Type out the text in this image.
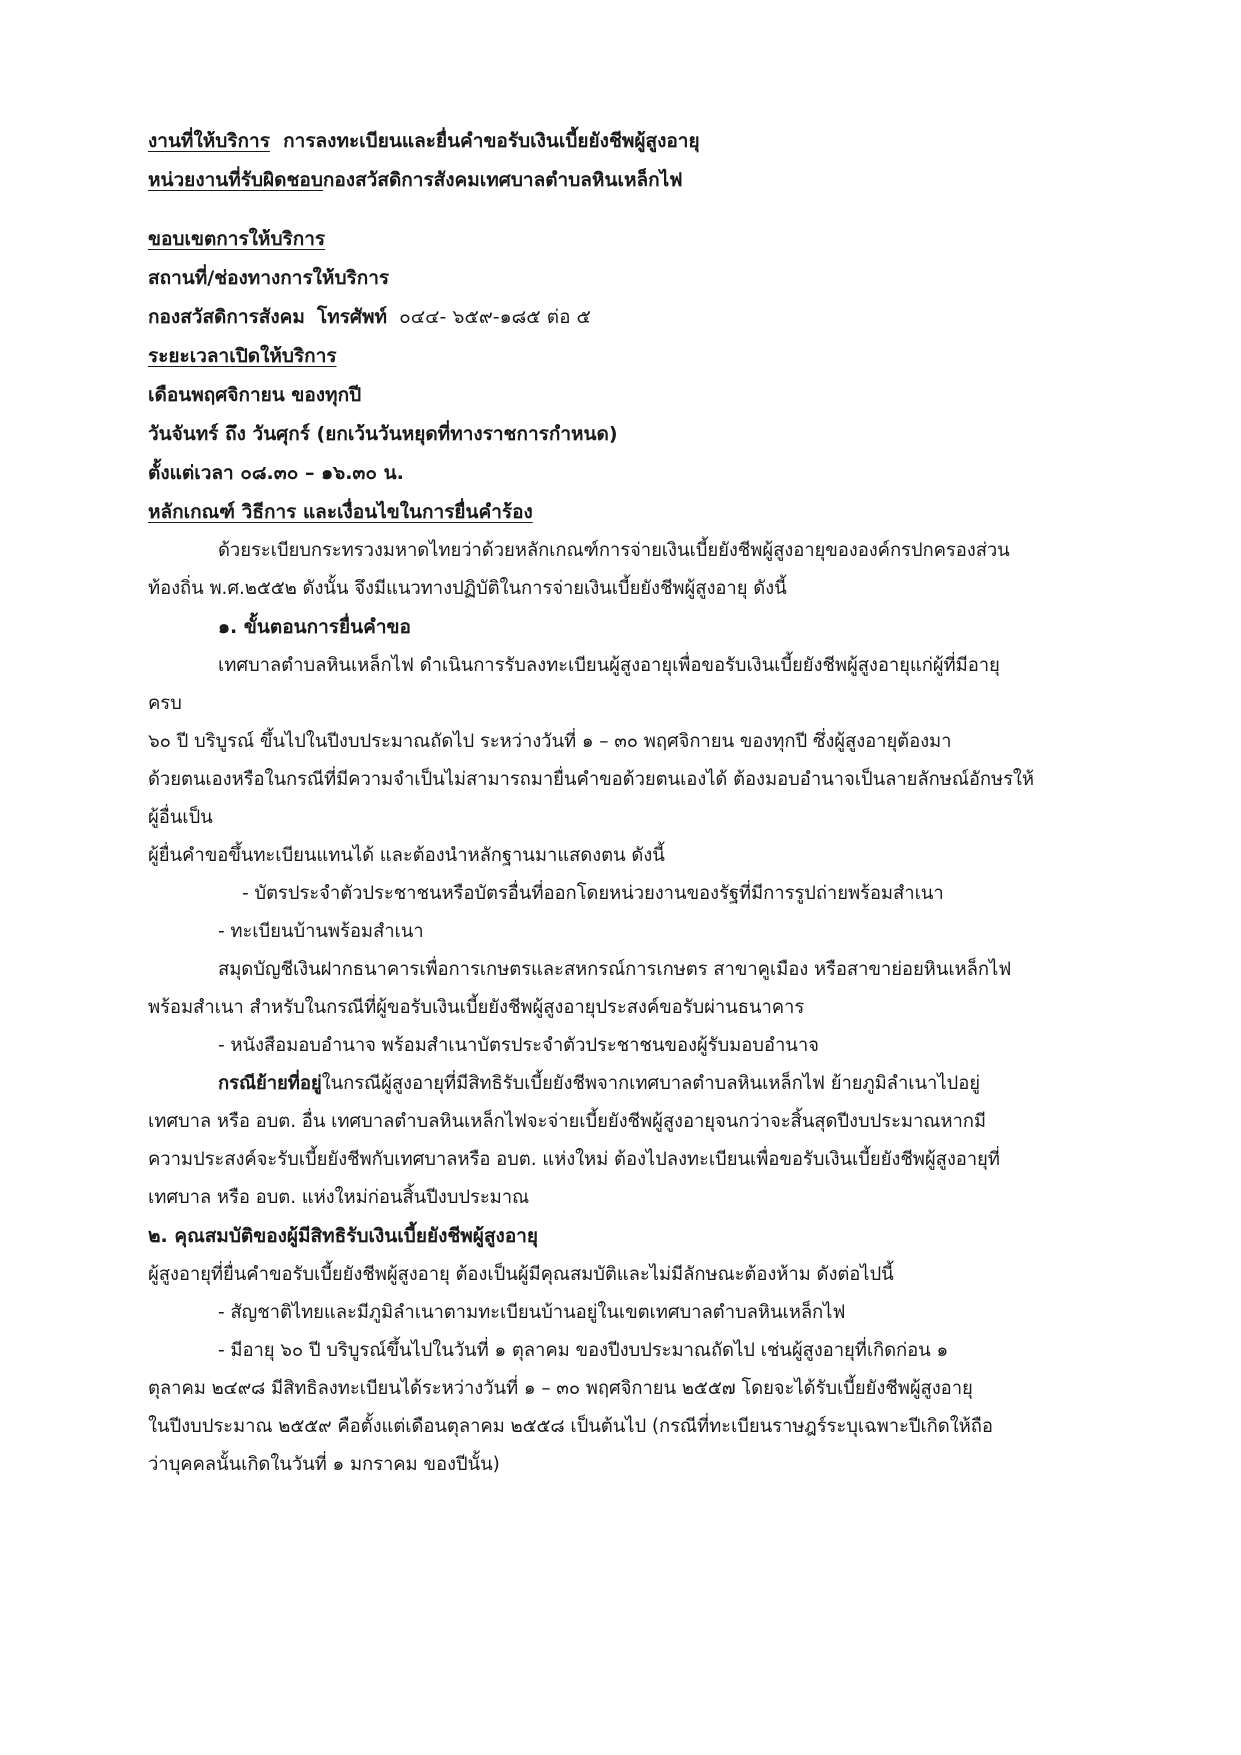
งานที่ให้บริการ การลงทะเบียนและยื่นคำขอรับเงินเบี้ยยังชีพผู้สูงอายุ
หน่วยงานที่รับผิดชอบกองสวัสดิการสังคมเทศบาลตำบลหินเหล็กไฟ
ขอบเขตการให้บริการ
สถานที่/ช่องทางการให้บริการ
กองสวัสดิการสังคม โทรศัพท์ ๐๔๔- ๖๕๙-๑๘๕ ต่อ ๕
ระยะเวลาเปิดให้บริการ
เดือนพฤศจิกายน ของทุกปี
วันจันทร์ ถึง วันศุกร์ (ยกเว้นวันหยุดที่ทางราชการกำหนด)
ตั้งแต่เวลา ๐๘.๓๐ – ๑๖.๓๐ น.
หลักเกณฑ์ วิธีการ และเงื่อนไขในการยื่นคำร้อง
ด้วยระเบียบกระทรวงมหาดไทยว่าด้วยหลักเกณฑ์การจ่ายเงินเบี้ยยังชีพผู้สูงอายุขององค์กรปกครองส่วน
ท้องถิ่น พ.ศ.๒๕๕๒ ดังนั้น จึงมีแนวทางปฏิบัติในการจ่ายเงินเบี้ยยังชีพผู้สูงอายุ ดังนี้
๑. ขั้นตอนการยื่นคำขอ
เทศบาลตำบลหินเหล็กไฟ ดำเนินการรับลงทะเบียนผู้สูงอายุเพื่อขอรับเงินเบี้ยยังชีพผู้สูงอายุแก่ผู้ที่มีอายุ
ครบ
๖๐ ปี บริบูรณ์ ขึ้นไปในปีงบประมาณถัดไป ระหว่างวันที่ ๑ – ๓๐ พฤศจิกายน ของทุกปี ซึ่งผู้สูงอายุต้องมา
ด้วยตนเองหรือในกรณีที่มีความจำเป็นไม่สามารถมายื่นคำขอด้วยตนเองได้ ต้องมอบอำนาจเป็นลายลักษณ์อักษรให้
ผู้อื่นเป็น
ผู้ยื่นคำขอขึ้นทะเบียนแทนได้ และต้องนำหลักฐานมาแสดงตน ดังนี้
- บัตรประจำตัวประชาชนหรือบัตรอื่นที่ออกโดยหน่วยงานของรัฐที่มีการรูปถ่ายพร้อมสำเนา
- ทะเบียนบ้านพร้อมสำเนา
สมุดบัญชีเงินฝากธนาคารเพื่อการเกษตรและสหกรณ์การเกษตร สาขาคูเมือง หรือสาขาย่อยหินเหล็กไฟ
พร้อมสำเนา สำหรับในกรณีที่ผู้ขอรับเงินเบี้ยยังชีพผู้สูงอายุประสงค์ขอรับผ่านธนาคาร
- หนังสือมอบอำนาจ พร้อมสำเนาบัตรประจำตัวประชาชนของผู้รับมอบอำนาจ
กรณีย้ายที่อยู่ในกรณีผู้สูงอายุที่มีสิทธิรับเบี้ยยังชีพจากเทศบาลตำบลหินเหล็กไฟ ย้ายภูมิลำเนาไปอยู่
เทศบาล หรือ อบต. อื่น เทศบาลตำบลหินเหล็กไฟจะจ่ายเบี้ยยังชีพผู้สูงอายุจนกว่าจะสิ้นสุดปีงบประมาณหากมี
ความประสงค์จะรับเบี้ยยังชีพกับเทศบาลหรือ อบต. แห่งใหม่ ต้องไปลงทะเบียนเพื่อขอรับเงินเบี้ยยังชีพผู้สูงอายุที่
เทศบาล หรือ อบต. แห่งใหม่ก่อนสิ้นปีงบประมาณ
๒. คุณสมบัติของผู้มีสิทธิรับเงินเบี้ยยังชีพผู้สูงอายุ
ผู้สูงอายุที่ยื่นคำขอรับเบี้ยยังชีพผู้สูงอายุ ต้องเป็นผู้มีคุณสมบัติและไม่มีลักษณะต้องห้าม ดังต่อไปนี้
- สัญชาติไทยและมีภูมิลำเนาตามทะเบียนบ้านอยู่ในเขตเทศบาลตำบลหินเหล็กไฟ
- มีอายุ ๖๐ ปี บริบูรณ์ขึ้นไปในวันที่ ๑ ตุลาคม ของปีงบประมาณถัดไป เช่นผู้สูงอายุที่เกิดก่อน ๑
ตุลาคม ๒๔๙๘ มีสิทธิลงทะเบียนได้ระหว่างวันที่ ๑ – ๓๐ พฤศจิกายน ๒๕๕๗ โดยจะได้รับเบี้ยยังชีพผู้สูงอายุ
ในปีงบประมาณ ๒๕๕๙ คือตั้งแต่เดือนตุลาคม ๒๕๕๘ เป็นต้นไป (กรณีที่ทะเบียนราษฎร์ระบุเฉพาะปีเกิดให้ถือ
ว่าบุคคลนั้นเกิดในวันที่ ๑ มกราคม ของปีนั้น)
